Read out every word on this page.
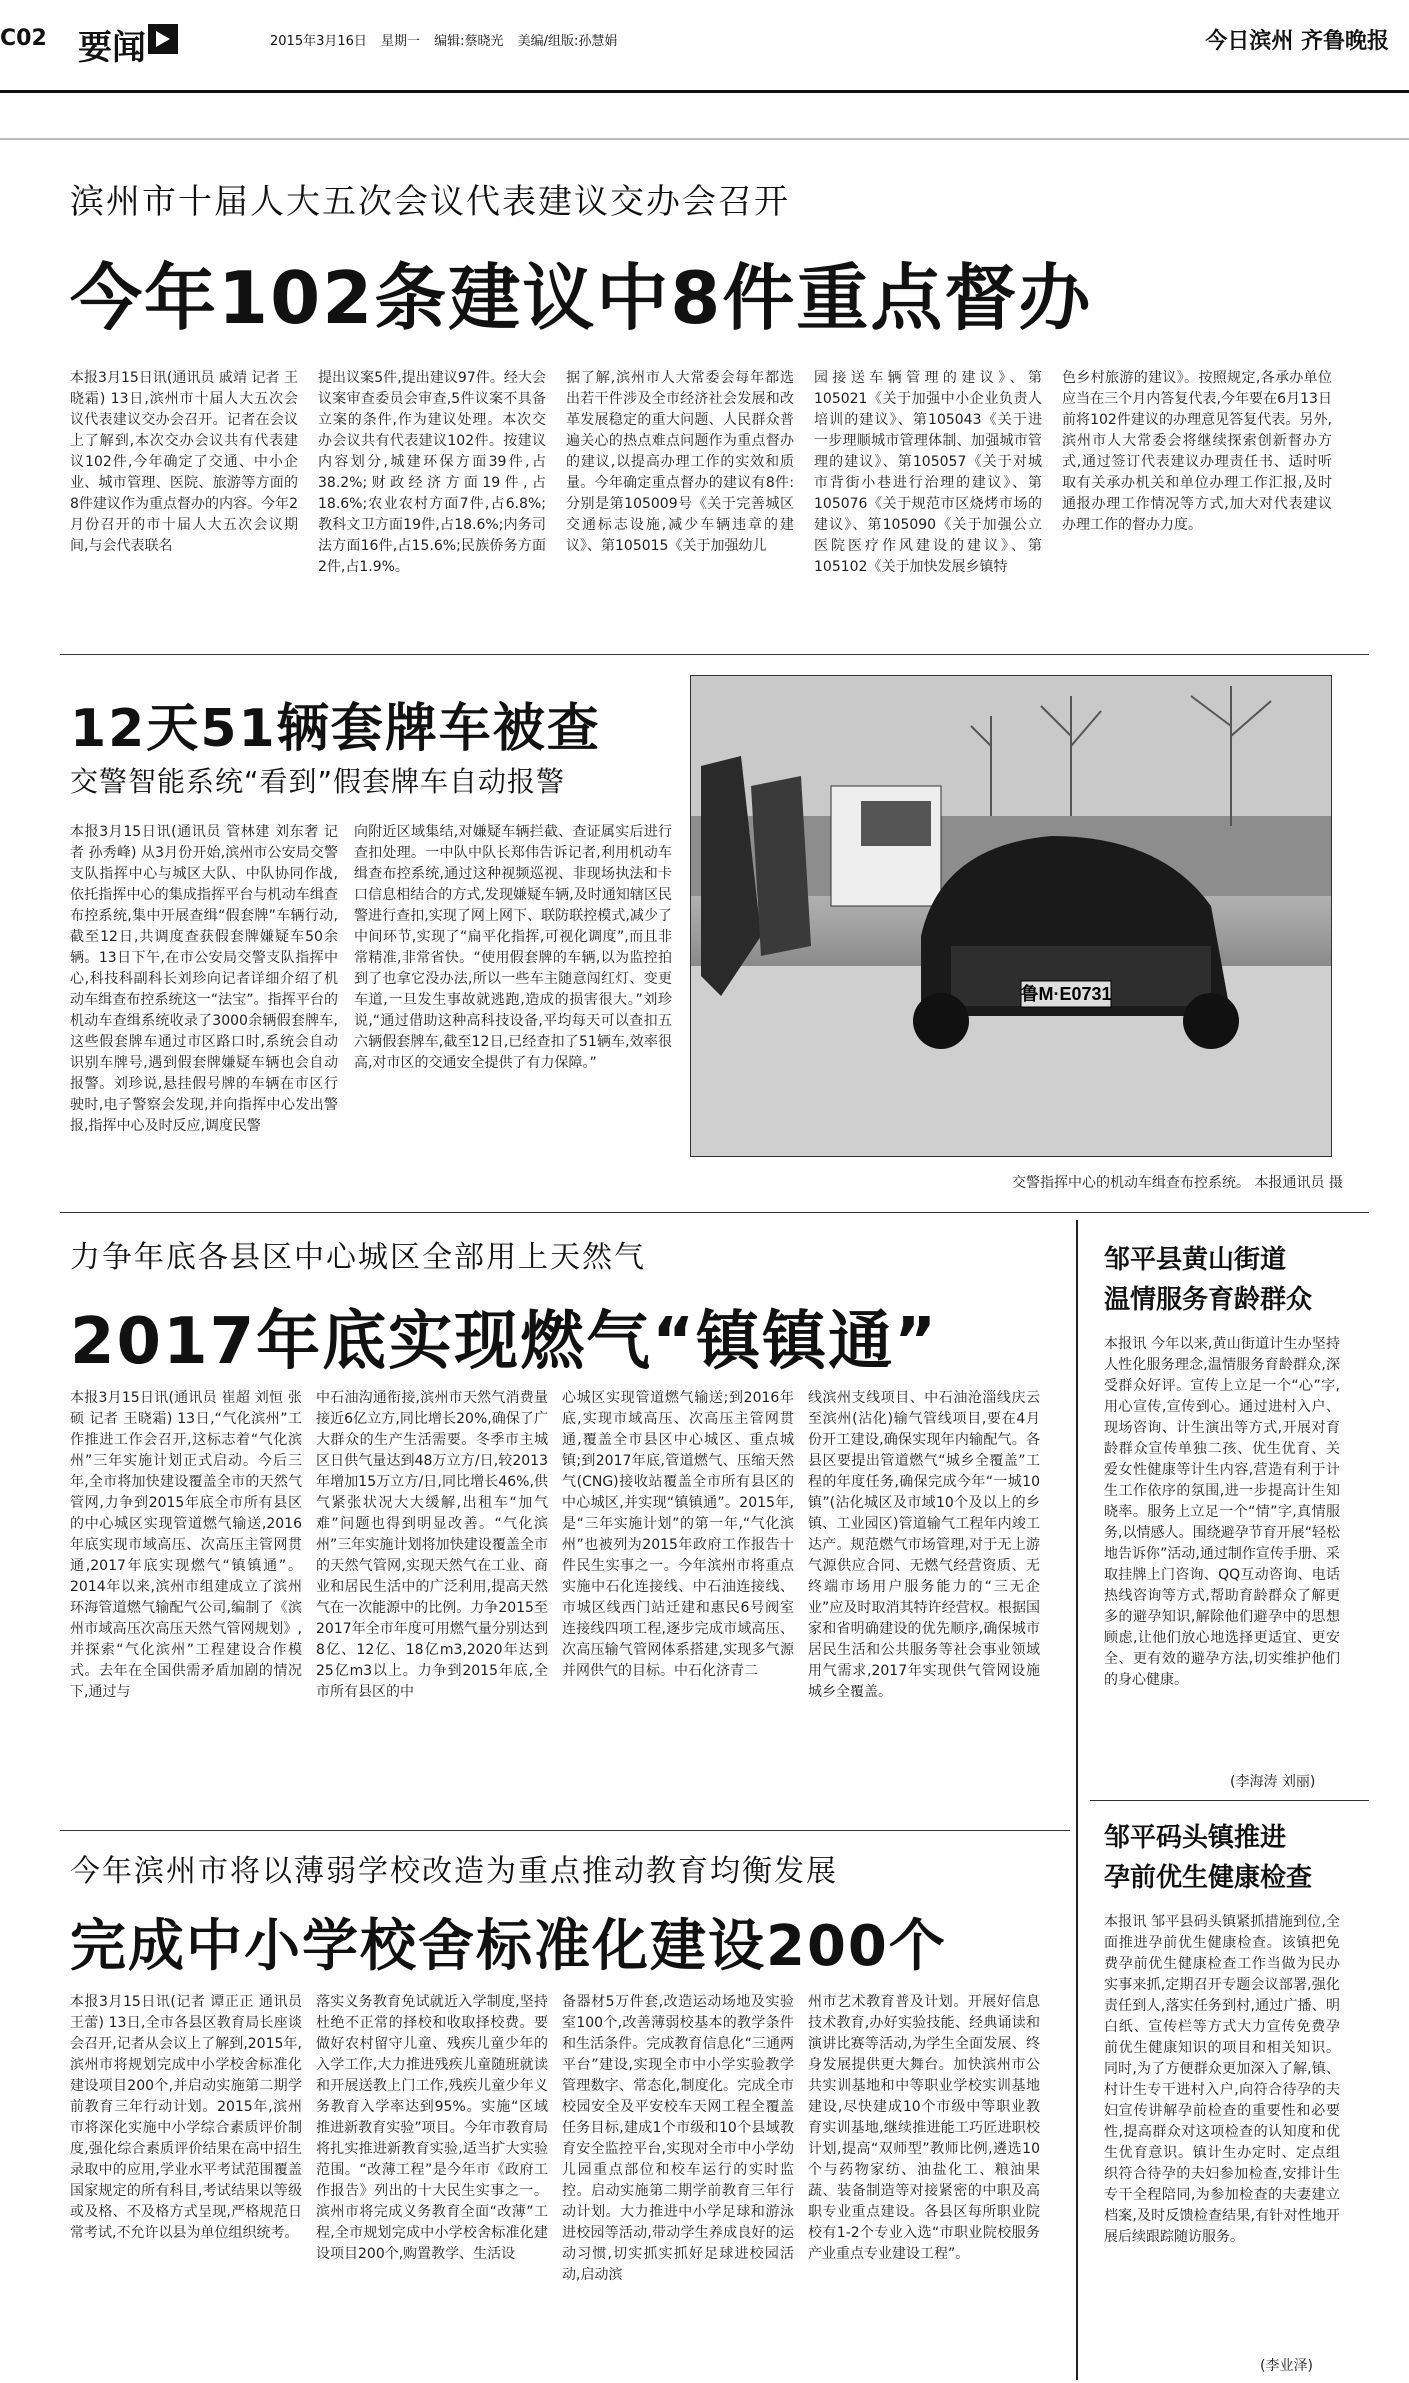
C02 要闻	2015年3月16日 星期一 编辑:蔡晓光 美编/组版:孙慧娟	今日滨州 齐鲁晚报
滨州市十届人大五次会议代表建议交办会召开
今年102条建议中8件重点督办
本报3月15日讯(通讯员 戚靖 记者 王晓霜) 13日,滨州市十届人大五次会议代表建议交办会召开。记者在会议上了解到,本次交办会议共有代表建议102件,今年确定了交通、中小企业、城市管理、医院、旅游等方面的8件建议作为重点督办的内容。今年2月份召开的市十届人大五次会议期间,与会代表联名
提出议案5件,提出建议97件。经大会议案审查委员会审查,5件议案不具备立案的条件,作为建议处理。本次交办会议共有代表建议102件。按建议内容划分,城建环保方面39件,占38.2%;财政经济方面19件,占18.6%;农业农村方面7件,占6.8%;教科文卫方面19件,占18.6%;内务司法方面16件,占15.6%;民族侨务方面2件,占1.9%。
据了解,滨州市人大常委会每年都选出若干件涉及全市经济社会发展和改革发展稳定的重大问题、人民群众普遍关心的热点难点问题作为重点督办的建议,以提高办理工作的实效和质量。今年确定重点督办的建议有8件:分别是第105009号《关于完善城区交通标志设施,减少车辆违章的建议》、第105015《关于加强幼儿
园接送车辆管理的建议》、第105021《关于加强中小企业负责人培训的建议》、第105043《关于进一步理顺城市管理体制、加强城市管理的建议》、第105057《关于对城市背街小巷进行治理的建议》、第105076《关于规范市区烧烤市场的建议》、第105090《关于加强公立医院医疗作风建设的建议》、第105102《关于加快发展乡镇特
色乡村旅游的建议》。按照规定,各承办单位应当在三个月内答复代表,今年要在6月13日前将102件建议的办理意见答复代表。另外,滨州市人大常委会将继续探索创新督办方式,通过签订代表建议办理责任书、适时听取有关承办机关和单位办理工作汇报,及时通报办理工作情况等方式,加大对代表建议办理工作的督办力度。
12天51辆套牌车被查
交警智能系统“看到”假套牌车自动报警
本报3月15日讯(通讯员 管林建 刘东奢 记者 孙秀峰) 从3月份开始,滨州市公安局交警支队指挥中心与城区大队、中队协同作战,依托指挥中心的集成指挥平台与机动车缉查布控系统,集中开展查缉“假套牌”车辆行动,截至12日,共调度查获假套牌嫌疑车50余辆。13日下午,在市公安局交警支队指挥中心,科技科副科长刘珍向记者详细介绍了机动车缉查布控系统这一“法宝”。指挥平台的机动车查缉系统收录了3000余辆假套牌车,这些假套牌车通过市区路口时,系统会自动识别车牌号,遇到假套牌嫌疑车辆也会自动报警。刘珍说,悬挂假号牌的车辆在市区行驶时,电子警察会发现,并向指挥中心发出警报,指挥中心及时反应,调度民警
向附近区域集结,对嫌疑车辆拦截、查证属实后进行查扣处理。一中队中队长郑伟告诉记者,利用机动车缉查布控系统,通过这种视频巡视、非现场执法和卡口信息相结合的方式,发现嫌疑车辆,及时通知辖区民警进行查扣,实现了网上网下、联防联控模式,减少了中间环节,实现了“扁平化指挥,可视化调度”,而且非常精准,非常省快。“使用假套牌的车辆,以为监控拍到了也拿它没办法,所以一些车主随意闯红灯、变更车道,一旦发生事故就逃跑,造成的损害很大。”刘珍说,“通过借助这种高科技设备,平均每天可以查扣五六辆假套牌车,截至12日,已经查扣了51辆车,效率很高,对市区的交通安全提供了有力保障。”
鲁M·E0731
交警指挥中心的机动车缉查布控系统。 本报通讯员 摄
力争年底各县区中心城区全部用上天然气
2017年底实现燃气“镇镇通”
本报3月15日讯(通讯员 崔超 刘恒 张硕 记者 王晓霜) 13日,“气化滨州”工作推进工作会召开,这标志着“气化滨州”三年实施计划正式启动。今后三年,全市将加快建设覆盖全市的天然气管网,力争到2015年底全市所有县区的中心城区实现管道燃气输送,2016年底实现市域高压、次高压主管网贯通,2017年底实现燃气“镇镇通”。2014年以来,滨州市组建成立了滨州环海管道燃气输配气公司,编制了《滨州市域高压次高压天然气管网规划》,并探索“气化滨州”工程建设合作模式。去年在全国供需矛盾加剧的情况下,通过与
中石油沟通衔接,滨州市天然气消费量接近6亿立方,同比增长20%,确保了广大群众的生产生活需要。冬季市主城区日供气量达到48万立方/日,较2013年增加15万立方/日,同比增长46%,供气紧张状况大大缓解,出租车“加气难”问题也得到明显改善。“气化滨州”三年实施计划将加快建设覆盖全市的天然气管网,实现天然气在工业、商业和居民生活中的广泛利用,提高天然气在一次能源中的比例。力争2015至2017年全市年度可用燃气量分别达到8亿、12亿、18亿m3,2020年达到25亿m3以上。力争到2015年底,全市所有县区的中
心城区实现管道燃气输送;到2016年底,实现市域高压、次高压主管网贯通,覆盖全市县区中心城区、重点城镇;到2017年底,管道燃气、压缩天然气(CNG)接收站覆盖全市所有县区的中心城区,并实现“镇镇通”。2015年,是“三年实施计划”的第一年,“气化滨州”也被列为2015年政府工作报告十件民生实事之一。今年滨州市将重点实施中石化连接线、中石油连接线、市城区线西门站迁建和惠民6号阀室连接线四项工程,逐步完成市域高压、次高压输气管网体系搭建,实现多气源并网供气的目标。中石化济青二
线滨州支线项目、中石油沧淄线庆云至滨州(沾化)输气管线项目,要在4月份开工建设,确保实现年内输配气。各县区要提出管道燃气“城乡全覆盖”工程的年度任务,确保完成今年“一城10镇”(沾化城区及市域10个及以上的乡镇、工业园区)管道输气工程年内竣工达产。规范燃气市场管理,对于无上游气源供应合同、无燃气经营资质、无终端市场用户服务能力的“三无企业”应及时取消其特许经营权。根据国家和省明确建设的优先顺序,确保城市居民生活和公共服务等社会事业领域用气需求,2017年实现供气管网设施城乡全覆盖。
邹平县黄山街道
温情服务育龄群众
本报讯 今年以来,黄山街道计生办坚持人性化服务理念,温情服务育龄群众,深受群众好评。宣传上立足一个“心”字,用心宣传,宣传到心。通过进村入户、现场咨询、计生演出等方式,开展对育龄群众宣传单独二孩、优生优育、关爱女性健康等计生内容,营造有利于计生工作依序的氛围,进一步提高计生知晓率。服务上立足一个“情”字,真情服务,以情感人。围绕避孕节育开展“轻松地告诉你”活动,通过制作宣传手册、采取挂牌上门咨询、QQ互动咨询、电话热线咨询等方式,帮助育龄群众了解更多的避孕知识,解除他们避孕中的思想顾虑,让他们放心地选择更适宜、更安全、更有效的避孕方法,切实维护他们的身心健康。
(李海涛 刘丽)
邹平码头镇推进
孕前优生健康检查
本报讯 邹平县码头镇紧抓措施到位,全面推进孕前优生健康检查。该镇把免费孕前优生健康检查工作当做为民办实事来抓,定期召开专题会议部署,强化责任到人,落实任务到村,通过广播、明白纸、宣传栏等方式大力宣传免费孕前优生健康知识的项目和相关知识。同时,为了方便群众更加深入了解,镇、村计生专干进村入户,向符合待孕的夫妇宣传讲解孕前检查的重要性和必要性,提高群众对这项检查的认知度和优生优育意识。镇计生办定时、定点组织符合待孕的夫妇参加检查,安排计生专干全程陪同,为参加检查的夫妻建立档案,及时反馈检查结果,有针对性地开展后续跟踪随访服务。
(李业泽)
今年滨州市将以薄弱学校改造为重点推动教育均衡发展
完成中小学校舍标准化建设200个
本报3月15日讯(记者 谭正正 通讯员 王蕾) 13日,全市各县区教育局长座谈会召开,记者从会议上了解到,2015年,滨州市将规划完成中小学校舍标准化建设项目200个,并启动实施第二期学前教育三年行动计划。2015年,滨州市将深化实施中小学综合素质评价制度,强化综合素质评价结果在高中招生录取中的应用,学业水平考试范围覆盖国家规定的所有科目,考试结果以等级或及格、不及格方式呈现,严格规范日常考试,不允许以县为单位组织统考。
落实义务教育免试就近入学制度,坚持杜绝不正常的择校和收取择校费。要做好农村留守儿童、残疾儿童少年的入学工作,大力推进残疾儿童随班就读和开展送教上门工作,残疾儿童少年义务教育入学率达到95%。实施“区域推进新教育实验”项目。今年市教育局将扎实推进新教育实验,适当扩大实验范围。“改薄工程”是今年市《政府工作报告》列出的十大民生实事之一。滨州市将完成义务教育全面“改薄”工程,全市规划完成中小学校舍标准化建设项目200个,购置教学、生活设
备器材5万件套,改造运动场地及实验室100个,改善薄弱校基本的教学条件和生活条件。完成教育信息化“三通两平台”建设,实现全市中小学实验教学管理数字、常态化,制度化。完成全市校园安全及平安校车天网工程全覆盖任务目标,建成1个市级和10个县域教育安全监控平台,实现对全市中小学幼儿园重点部位和校车运行的实时监控。启动实施第二期学前教育三年行动计划。大力推进中小学足球和游泳进校园等活动,带动学生养成良好的运动习惯,切实抓实抓好足球进校园活动,启动滨
州市艺术教育普及计划。开展好信息技术教育,办好实验技能、经典诵读和演讲比赛等活动,为学生全面发展、终身发展提供更大舞台。加快滨州市公共实训基地和中等职业学校实训基地建设,尽快建成10个市级中等职业教育实训基地,继续推进能工巧匠进职校计划,提高“双师型”教师比例,遴选10个与药物家纺、油盐化工、粮油果蔬、装备制造等对接紧密的中职及高职专业重点建设。各县区每所职业院校有1-2个专业入选“市职业院校服务产业重点专业建设工程”。
